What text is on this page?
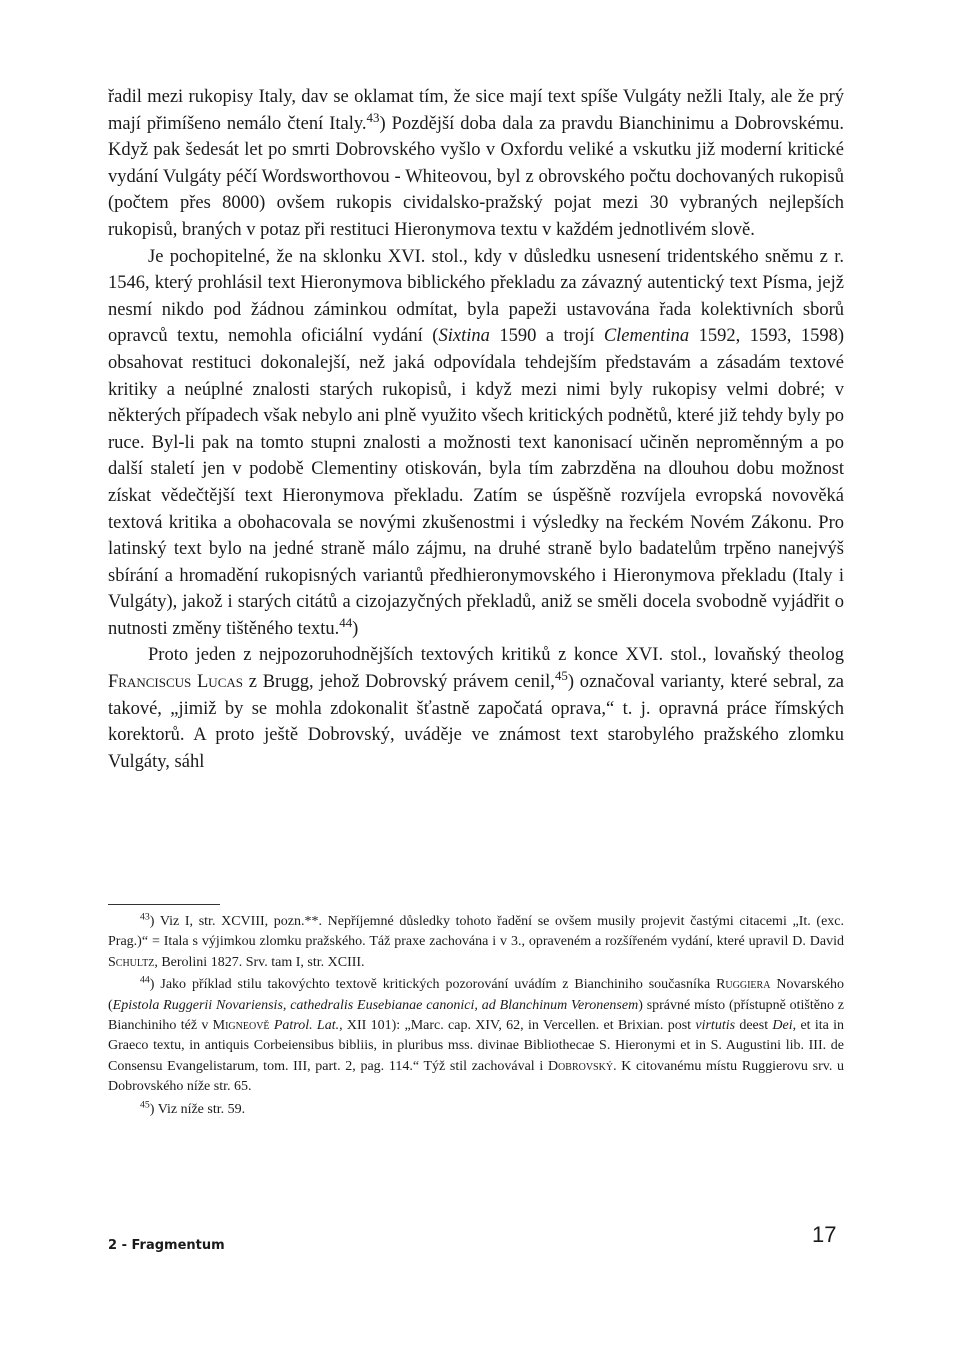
řadil mezi rukopisy Italy, dav se oklamat tím, že sice mají text spíše Vulgáty nežli Italy, ale že prý mají přimíšeno nemálo čtení Italy.$^{43}$) Pozdější doba dala za pravdu Bianchinimu a Dobrovskému. Když pak šedesát let po smrti Dobrovského vyšlo v Oxfordu veliké a vskutku již moderní kritické vydání Vulgáty péčí Wordsworthovou - Whiteovou, byl z obrovského počtu dochovaných rukopisů (počtem přes 8000) ovšem rukopis cividalsko-pražský pojat mezi 30 vybraných nejlepších rukopisů, braných v potaz při restituci Hieronymova textu v každém jednotlivém slově.

Je pochopitelné, že na sklonku XVI. stol., kdy v důsledku usnesení tridentského sněmu z r. 1546, který prohlásil text Hieronymova biblického překladu za závazný autentický text Písma, jejž nesmí nikdo pod žádnou záminkou odmítat, byla papeži ustavována řada kolektivních sborů opravců textu, nemohla oficiální vydání (Sixtina 1590 a trojí Clementina 1592, 1593, 1598) obsahovat restituci dokonalejší, než jaká odpovídala tehdejším představám a zásadám textové kritiky a neúplné znalosti starých rukopisů, i když mezi nimi byly rukopisy velmi dobré; v některých případech však nebylo ani plně využito všech kritických podnětů, které již tehdy byly po ruce. Byl-li pak na tomto stupni znalosti a možnosti text kanonisací učiněn neproměnným a po další staletí jen v podobě Clementiny otiskován, byla tím zabrzděna na dlouhou dobu možnost získat vědečtější text Hieronymova překladu. Zatím se úspěšně rozvíjela evropská novověká textová kritika a obohacovala se novými zkušenostmi i výsledky na řeckém Novém Zákonu. Pro latinský text bylo na jedné straně málo zájmu, na druhé straně bylo badatelům trpěno nanejvýš sbírání a hromadění rukopisných variantů předhieronymovského i Hieronymova překladu (Italy i Vulgáty), jakož i starých citátů a cizojazyčných překladů, aniž se směli docela svobodně vyjádřit o nutnosti změny tištěného textu.$^{44}$)

Proto jeden z nejpozoruhodnějších textových kritiků z konce XVI. stol., lovaňský theolog Franciscus Lucas z Brugg, jehož Dobrovský právem cenil,$^{45}$) označoval varianty, které sebral, za takové, „jimiž by se mohla zdokonalit šťastně započatá oprava,“ t. j. opravná práce římských korektorů. A proto ještě Dobrovský, uváděje ve známost text starobylého pražského zlomku Vulgáty, sáhl

$^{43}$) Viz I, str. XCVIII, pozn.**. Nepříjemné důsledky tohoto řadění se ovšem musily projevit častými citacemi „It. (exc. Prag.)“ = Itala s výjimkou zlomku pražského. Táž praxe zachována i v 3., opraveném a rozšířeném vydání, které upravil D. David Schultz, Berolini 1827. Srv. tam I, str. XCIII.

$^{44}$) Jako příklad stilu takovýchto textově kritických pozorování uvádím z Bianchiniho současníka Ruggiera Novarského (Epistola Ruggerii Novariensis, cathedralis Eusebianae canonici, ad Blanchinum Veronensem) správné místo (přístupně otištěno z Bianchiniho též v Migneově Patrol. Lat., XII 101): „Marc. cap. XIV, 62, in Vercellen. et Brixian. post virtutis deest Dei, et ita in Graeco textu, in antiquis Corbeiensibus bibliis, in pluribus mss. divinae Bibliothecae S. Hieronymi et in S. Augustini lib. III. de Consensu Evangelistarum, tom. III, part. 2, pag. 114.“ Týž stil zachovával i Dobrovský. K citovanému místu Ruggierovu srv. u Dobrovského níže str. 65.

$^{45}$) Viz níže str. 59.

2 - Fragmentum	17
